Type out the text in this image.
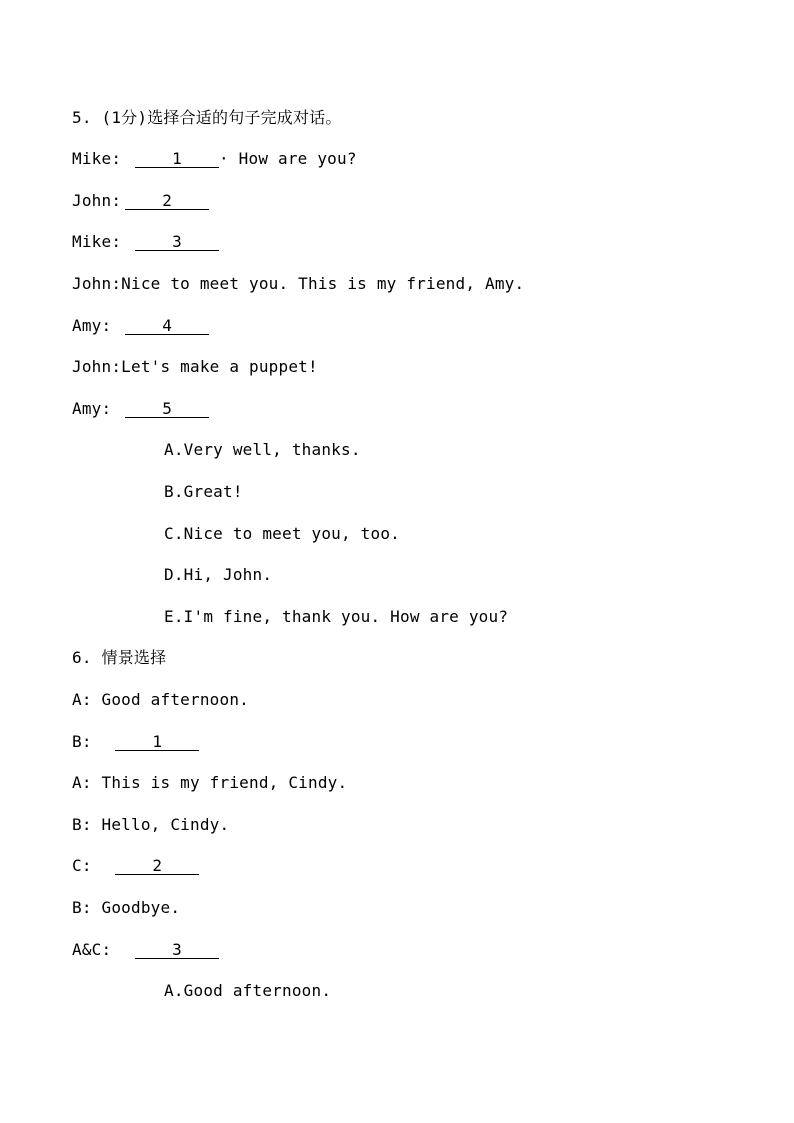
5. (1分)选择合适的句子完成对话。
Mike:	1 · How are you?
John:	2
Mike:	3
John:Nice to meet you. This is my friend, Amy.
Amy:	4
John:Let's make a puppet!
Amy:	5
A.Very well, thanks.
B.Great!
C.Nice to meet you, too.
D.Hi, John.
E.I'm fine, thank you. How are you?
6. 情景选择
A: Good afternoon.
B:	1
A: This is my friend, Cindy.
B: Hello, Cindy.
C:	2
B: Goodbye.
A&C:	3
A.Good afternoon.
